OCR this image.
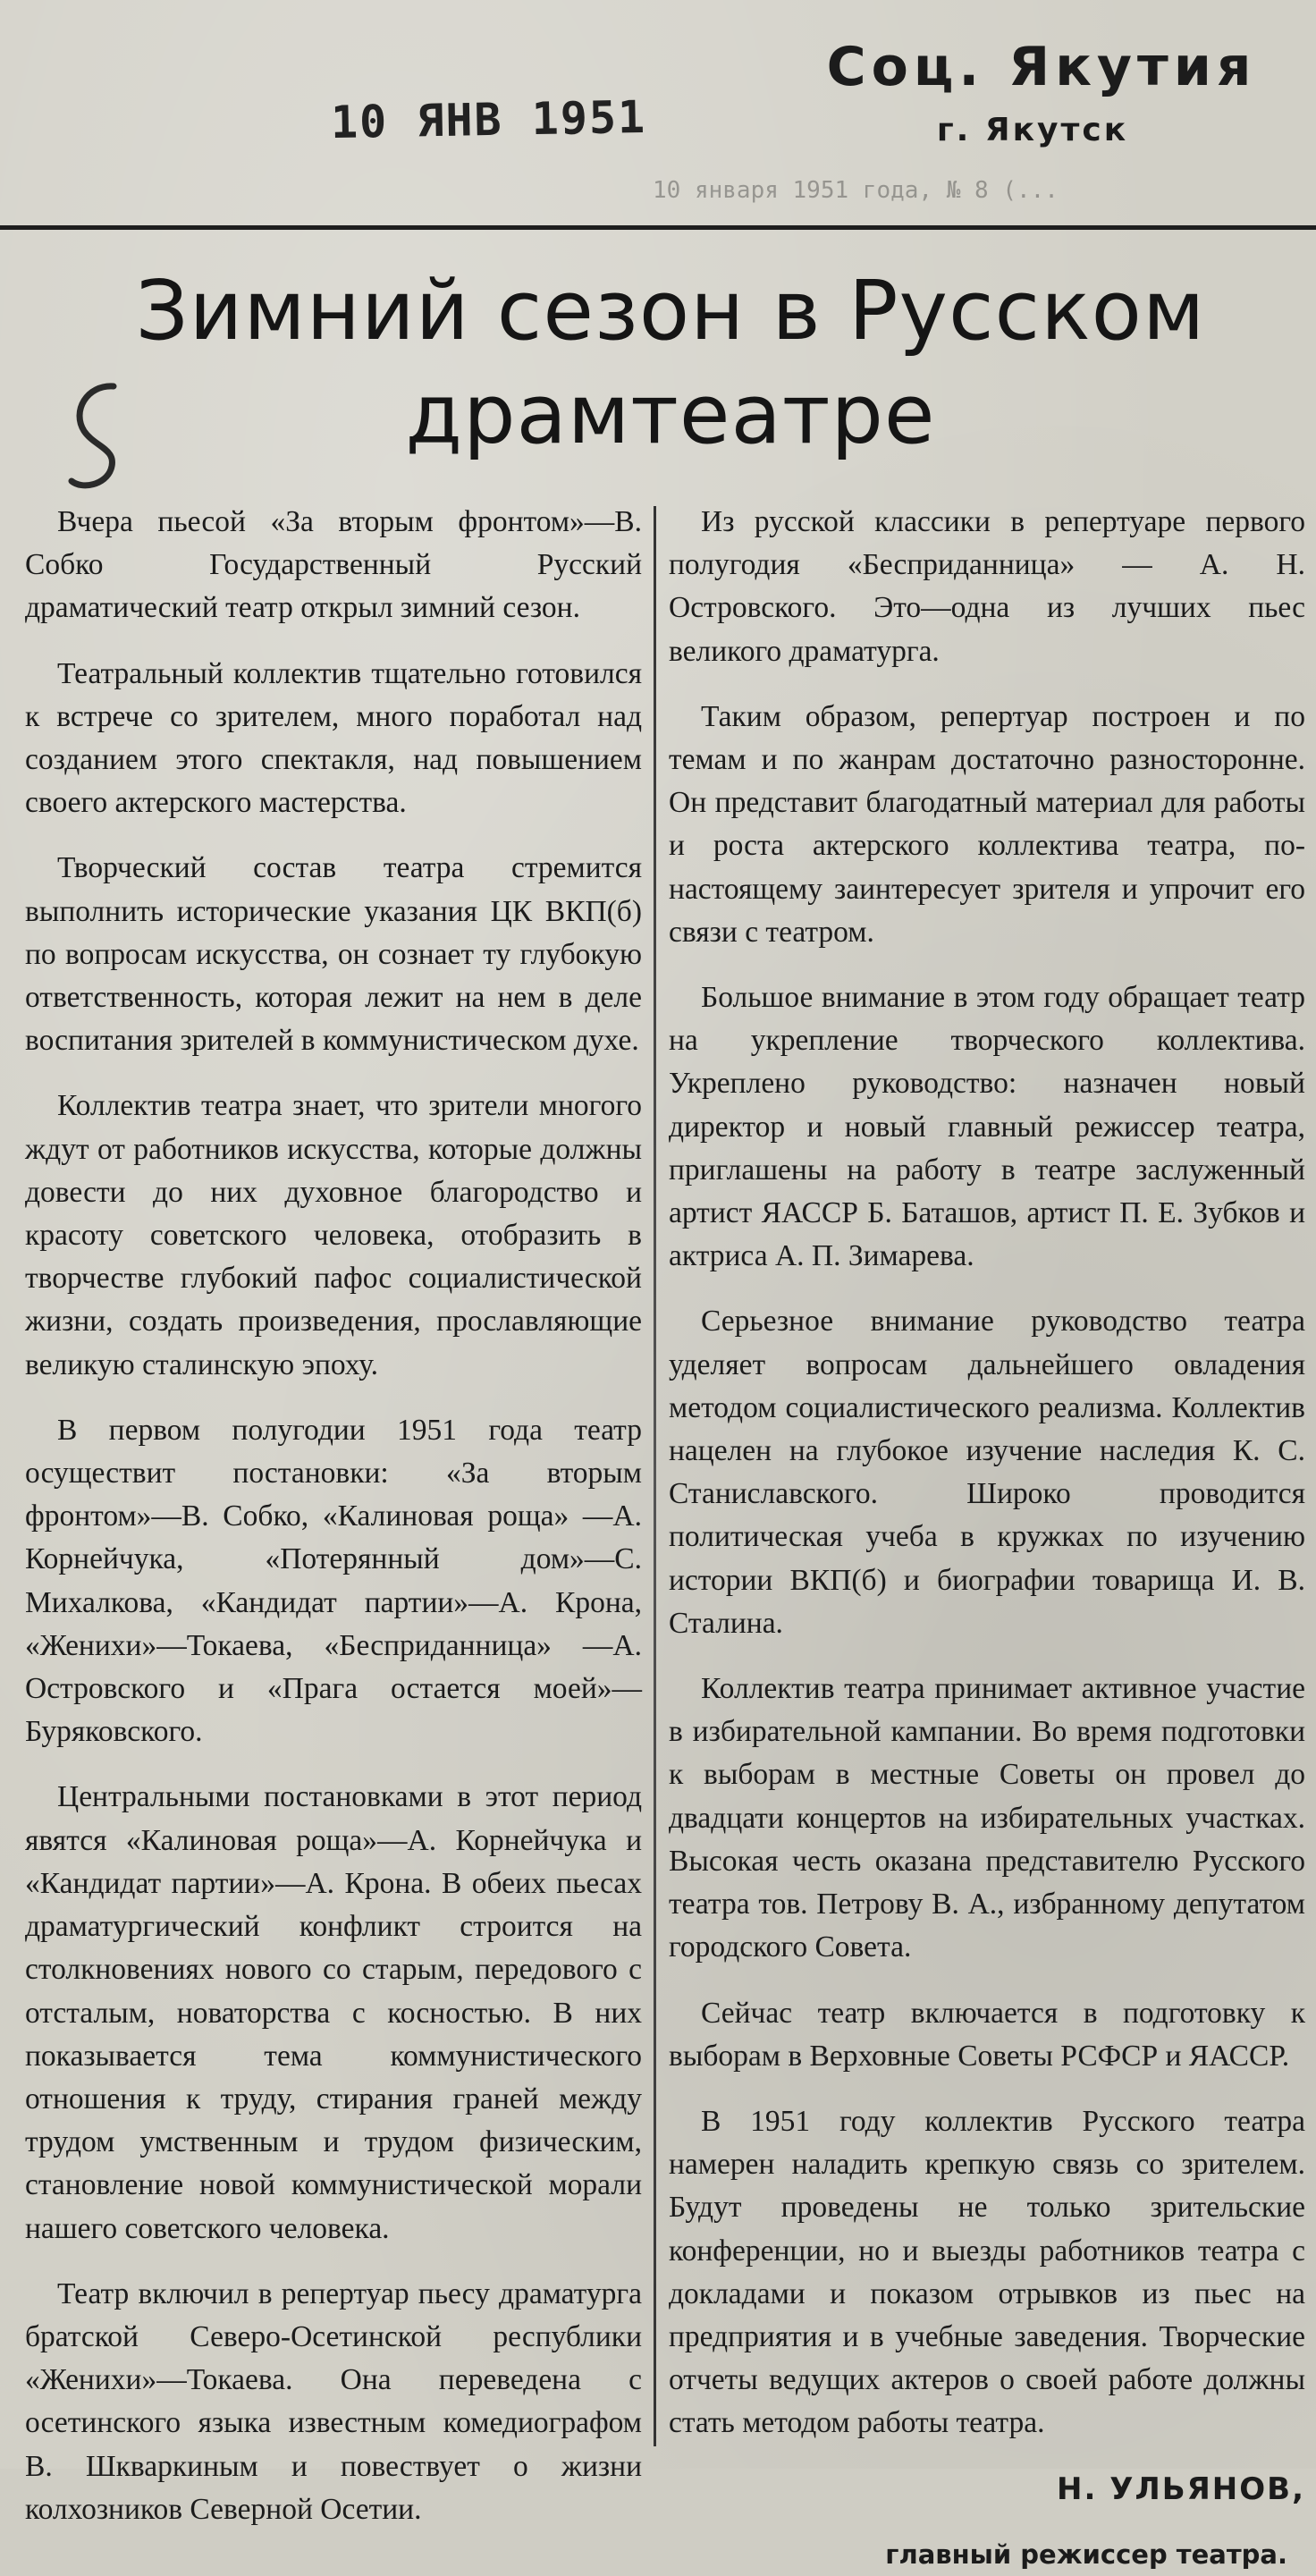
10 ЯНВ 1951
Соц. Якутия
г. Якутск
10 января 1951 года, № 8 (...
Зимний сезон в Русском
драмтеатре

Вчера пьесой «За вторым фронтом»—В. Собко Государственный Русский драматический театр открыл зимний сезон.

Театральный коллектив тщательно готовился к встрече со зрителем, много поработал над созданием этого спектакля, над повышением своего актерского мастерства.

Творческий состав театра стремится выполнить исторические указания ЦК ВКП(б) по вопросам искусства, он сознает ту глубокую ответственность, которая лежит на нем в деле воспитания зрителей в коммунистическом духе.

Коллектив театра знает, что зрители многого ждут от работников искусства, которые должны довести до них духовное благородство и красоту советского человека, отобразить в творчестве глубокий пафос социалистической жизни, создать произведения, прославляющие великую сталинскую эпоху.

В первом полугодии 1951 года театр осуществит постановки: «За вторым фронтом»—В. Собко, «Калиновая роща» —А. Корнейчука, «Потерянный дом»—С. Михалкова, «Кандидат партии»—А. Крона, «Женихи»—Токаева, «Бесприданница» —А. Островского и «Прага остается моей»—Буряковского.

Центральными постановками в этот период явятся «Калиновая роща»—А. Корнейчука и «Кандидат партии»—А. Крона. В обеих пьесах драматургический конфликт строится на столкновениях нового со старым, передового с отсталым, новаторства с косностью. В них показывается тема коммунистического отношения к труду, стирания граней между трудом умственным и трудом физическим, становление новой коммунистической морали нашего советского человека.

Театр включил в репертуар пьесу драматурга братской Северо-Осетинской республики «Женихи»—Токаева. Она переведена с осетинского языка известным комедиографом В. Шкваркиным и повествует о жизни колхозников Северной Осетии.

Из русской классики в репертуаре первого полугодия «Бесприданница» — А. Н. Островского. Это—одна из лучших пьес великого драматурга.

Таким образом, репертуар построен и по темам и по жанрам достаточно разносторонне. Он представит благодатный материал для работы и роста актерского коллектива театра, по-настоящему заинтересует зрителя и упрочит его связи с театром.

Большое внимание в этом году обращает театр на укрепление творческого коллектива. Укреплено руководство: назначен новый директор и новый главный режиссер театра, приглашены на работу в театре заслуженный артист ЯАССР Б. Баташов, артист П. Е. Зубков и актриса А. П. Зимарева.

Серьезное внимание руководство театра уделяет вопросам дальнейшего овладения методом социалистического реализма. Коллектив нацелен на глубокое изучение наследия К. С. Станиславского. Широко проводится политическая учеба в кружках по изучению истории ВКП(б) и биографии товарища И. В. Сталина.

Коллектив театра принимает активное участие в избирательной кампании. Во время подготовки к выборам в местные Советы он провел до двадцати концертов на избирательных участках. Высокая честь оказана представителю Русского театра тов. Петрову В. А., избранному депутатом городского Совета.

Сейчас театр включается в подготовку к выборам в Верховные Советы РСФСР и ЯАССР.

В 1951 году коллектив Русского театра намерен наладить крепкую связь со зрителем. Будут проведены не только зрительские конференции, но и выезды работников театра с докладами и показом отрывков из пьес на предприятия и в учебные заведения. Творческие отчеты ведущих актеров о своей работе должны стать методом работы театра.

Н. УЛЬЯНОВ,

главный режиссер театра.
